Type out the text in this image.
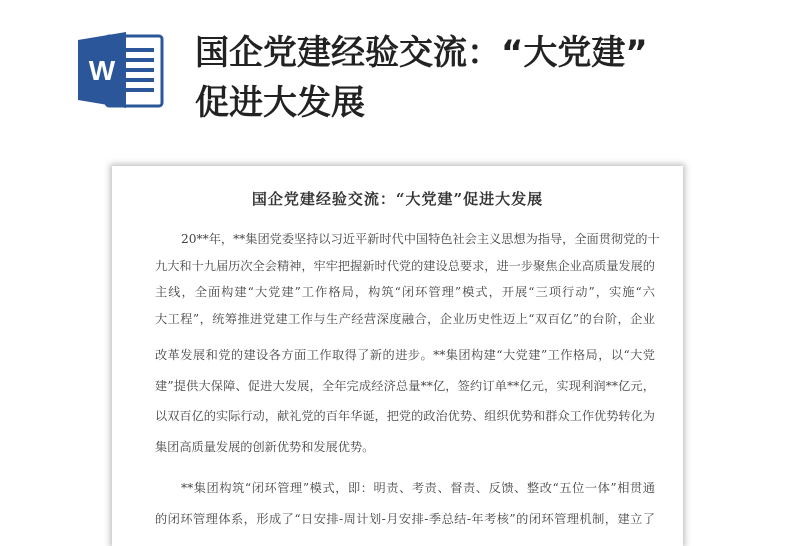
W 国企党建经验交流：“大党建”
促进大发展
国企党建经验交流：“大党建”促进大发展
20**年，**集团党委坚持以习近平新时代中国特色社会主义思想为指导，全面贯彻党的十
九大和十九届历次全会精神，牢牢把握新时代党的建设总要求，进一步聚焦企业高质量发展的
主线，全面构建“大党建”工作格局，构筑“闭环管理”模式，开展“三项行动”，实施“六
大工程”，统筹推进党建工作与生产经营深度融合，企业历史性迈上“双百亿”的台阶，企业
改革发展和党的建设各方面工作取得了新的进步。**集团构建“大党建”工作格局，以“大党
建”提供大保障、促进大发展，全年完成经济总量**亿，签约订单**亿元，实现利润**亿元，
以双百亿的实际行动，献礼党的百年华诞，把党的政治优势、组织优势和群众工作优势转化为
集团高质量发展的创新优势和发展优势。
**集团构筑“闭环管理”模式，即：明责、考责、督责、反馈、整改“五位一体”相贯通
的闭环管理体系，形成了“日安排-周计划-月安排-季总结-年考核”的闭环管理机制，建立了
